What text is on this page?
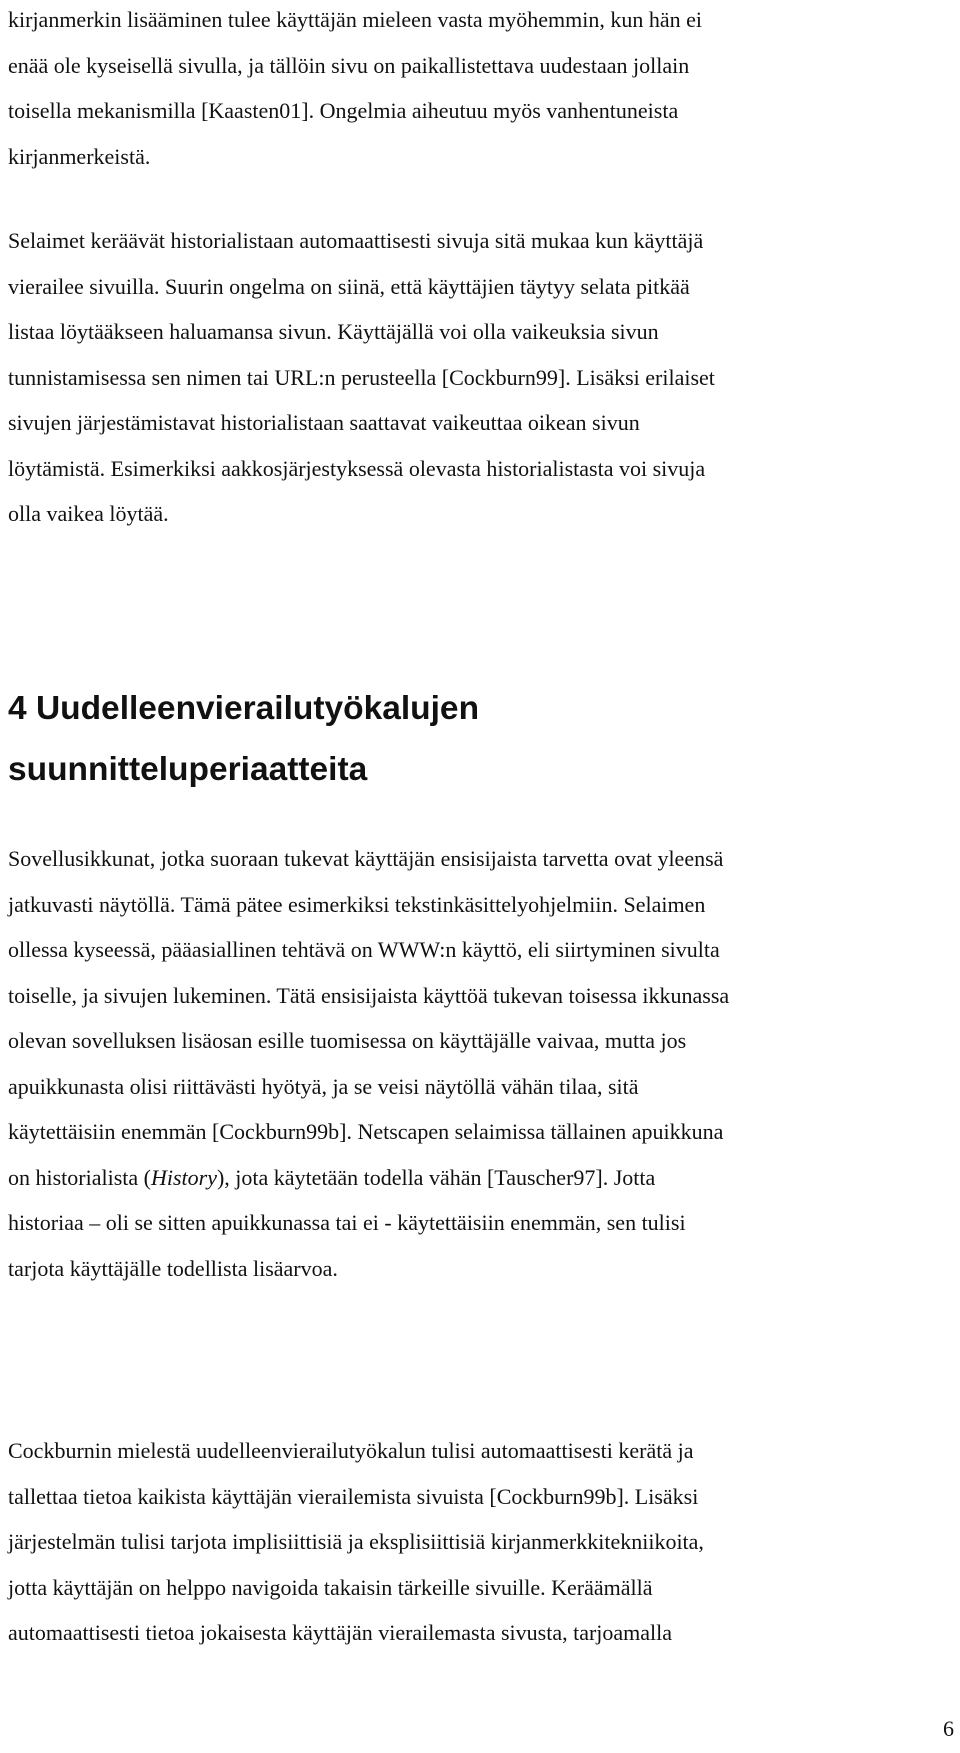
kirjanmerkin lisääminen tulee käyttäjän mieleen vasta myöhemmin, kun hän ei
enää ole kyseisellä sivulla, ja tällöin sivu on paikallistettava uudestaan jollain
toisella mekanismilla [Kaasten01]. Ongelmia aiheutuu myös vanhentuneista
kirjanmerkeistä.
Selaimet keräävät historialistaan automaattisesti sivuja sitä mukaa kun käyttäjä
vierailee sivuilla. Suurin ongelma on siinä, että käyttäjien täytyy selata pitkää
listaa löytääkseen haluamansa sivun. Käyttäjällä voi olla vaikeuksia sivun
tunnistamisessa sen nimen tai URL:n perusteella [Cockburn99]. Lisäksi erilaiset
sivujen järjestämistavat historialistaan saattavat vaikeuttaa oikean sivun
löytämistä. Esimerkiksi aakkosjärjestyksessä olevasta historialistasta voi sivuja
olla vaikea löytää.
4 Uudelleenvierailutyökalujen
suunnitteluperiaatteita
Sovellusikkunat, jotka suoraan tukevat käyttäjän ensisijaista tarvetta ovat yleensä
jatkuvasti näytöllä. Tämä pätee esimerkiksi tekstinkäsittelyohjelmiin. Selaimen
ollessa kyseessä, pääasiallinen tehtävä on WWW:n käyttö, eli siirtyminen sivulta
toiselle, ja sivujen lukeminen. Tätä ensisijaista käyttöä tukevan toisessa ikkunassa
olevan sovelluksen lisäosan esille tuomisessa on käyttäjälle vaivaa, mutta jos
apuikkunasta olisi riittävästi hyötyä, ja se veisi näytöllä vähän tilaa, sitä
käytettäisiin enemmän [Cockburn99b]. Netscapen selaimissa tällainen apuikkuna
on historialista (History), jota käytetään todella vähän [Tauscher97]. Jotta
historiaa – oli se sitten apuikkunassa tai ei - käytettäisiin enemmän, sen tulisi
tarjota käyttäjälle todellista lisäarvoa.
Cockburnin mielestä uudelleenvierailutyökalun tulisi automaattisesti kerätä ja
tallettaa tietoa kaikista käyttäjän vierailemista sivuista [Cockburn99b]. Lisäksi
järjestelmän tulisi tarjota implisiittisiä ja eksplisiittisiä kirjanmerkkitekniikoita,
jotta käyttäjän on helppo navigoida takaisin tärkeille sivuille. Keräämällä
automaattisesti tietoa jokaisesta käyttäjän vierailemasta sivusta, tarjoamalla
6
